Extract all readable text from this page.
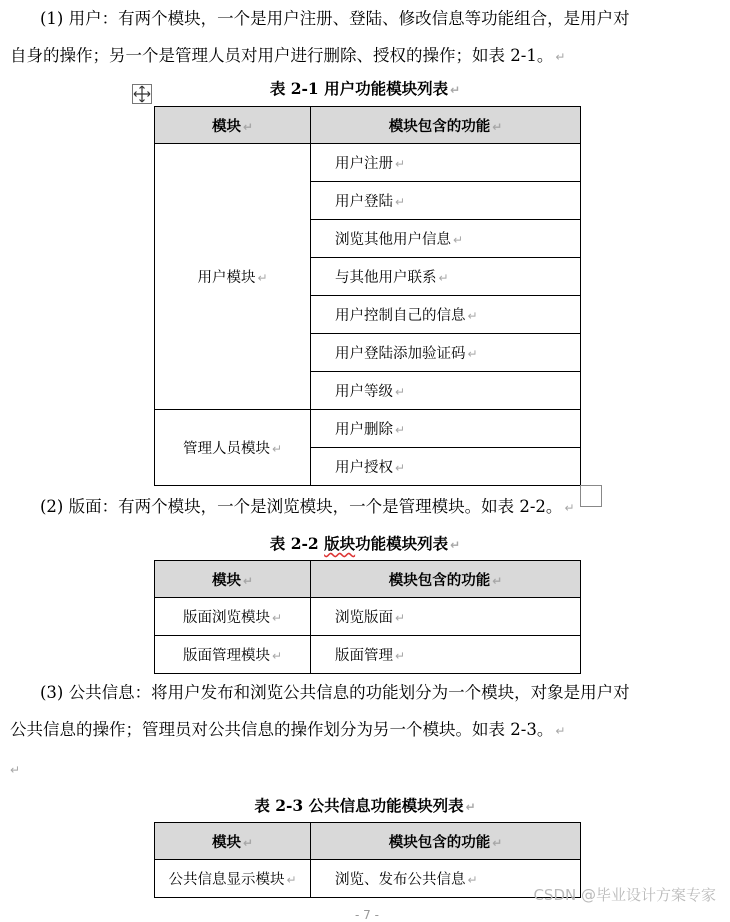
(1) 用户：有两个模块，一个是用户注册、登陆、修改信息等功能组合，是用户对
自身的操作；另一个是管理人员对用户进行删除、授权的操作；如表 2-1。 ↵
表 2-1 用户功能模块列表 ↵
模块 ↵	模块包含的功能 ↵
用户模块 ↵	用户注册 ↵
	用户登陆 ↵
	浏览其他用户信息 ↵
	与其他用户联系 ↵
	用户控制自己的信息 ↵
	用户登陆添加验证码 ↵
	用户等级 ↵
管理人员模块 ↵	用户删除 ↵
	用户授权 ↵
(2) 版面：有两个模块，一个是浏览模块，一个是管理模块。如表 2-2。 ↵
表 2-2 版块功能模块列表 ↵
模块 ↵	模块包含的功能 ↵
版面浏览模块 ↵	浏览版面 ↵
版面管理模块 ↵	版面管理 ↵
(3) 公共信息：将用户发布和浏览公共信息的功能划分为一个模块，对象是用户对
公共信息的操作；管理员对公共信息的操作划分为另一个模块。如表 2-3。 ↵
↵
表 2-3 公共信息功能模块列表 ↵
模块 ↵	模块包含的功能 ↵
公共信息显示模块 ↵	浏览、发布公共信息 ↵
CSDN @毕业设计方案专家
- 7 -
